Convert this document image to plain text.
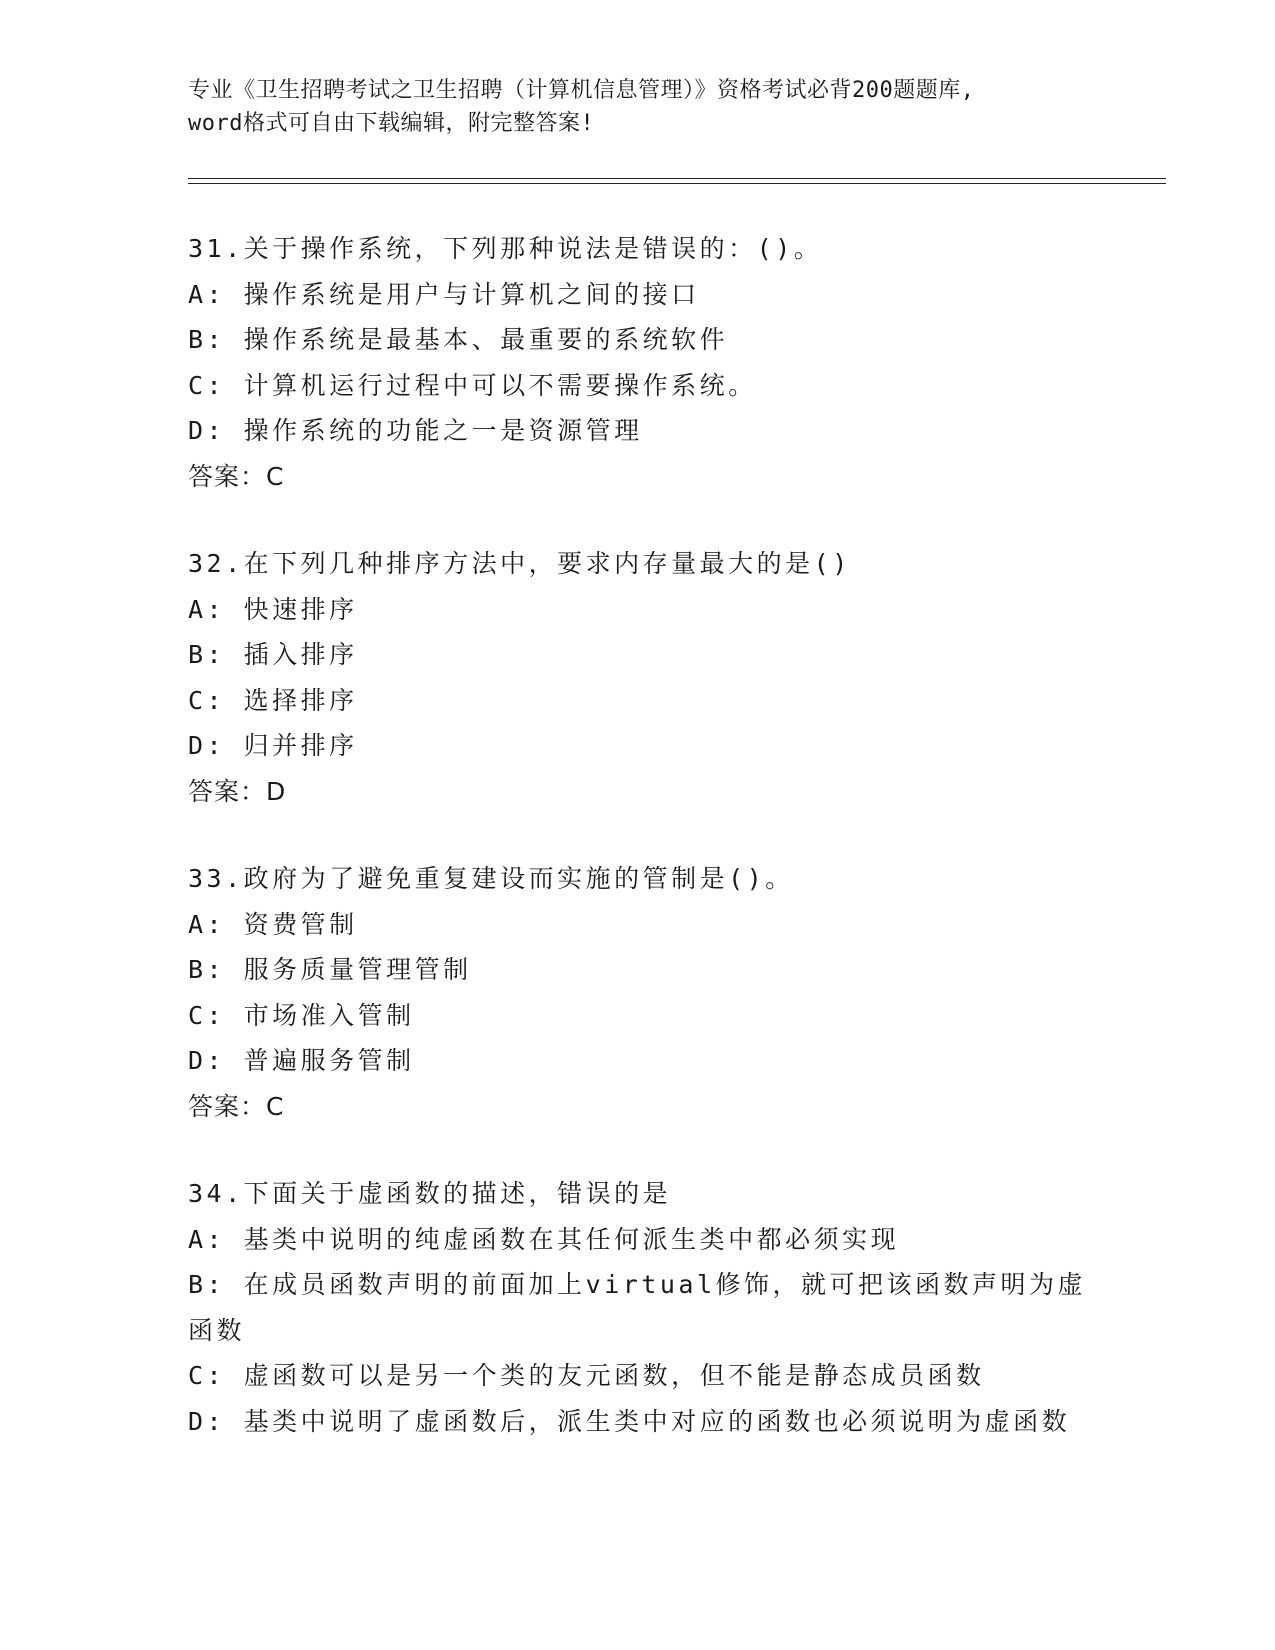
专业《卫生招聘考试之卫生招聘（计算机信息管理）》资格考试必背200题题库,
word格式可自由下载编辑，附完整答案!
31.关于操作系统，下列那种说法是错误的：()。
A: 操作系统是用户与计算机之间的接口
B: 操作系统是最基本、最重要的系统软件
C: 计算机运行过程中可以不需要操作系统。
D: 操作系统的功能之一是资源管理
答案：C
32.在下列几种排序方法中，要求内存量最大的是()
A: 快速排序
B: 插入排序
C: 选择排序
D: 归并排序
答案：D
33.政府为了避免重复建设而实施的管制是()。
A: 资费管制
B: 服务质量管理管制
C: 市场准入管制
D: 普遍服务管制
答案：C
34.下面关于虚函数的描述，错误的是
A: 基类中说明的纯虚函数在其任何派生类中都必须实现
B: 在成员函数声明的前面加上virtual修饰，就可把该函数声明为虚函数
C: 虚函数可以是另一个类的友元函数，但不能是静态成员函数
D: 基类中说明了虚函数后，派生类中对应的函数也必须说明为虚函数
